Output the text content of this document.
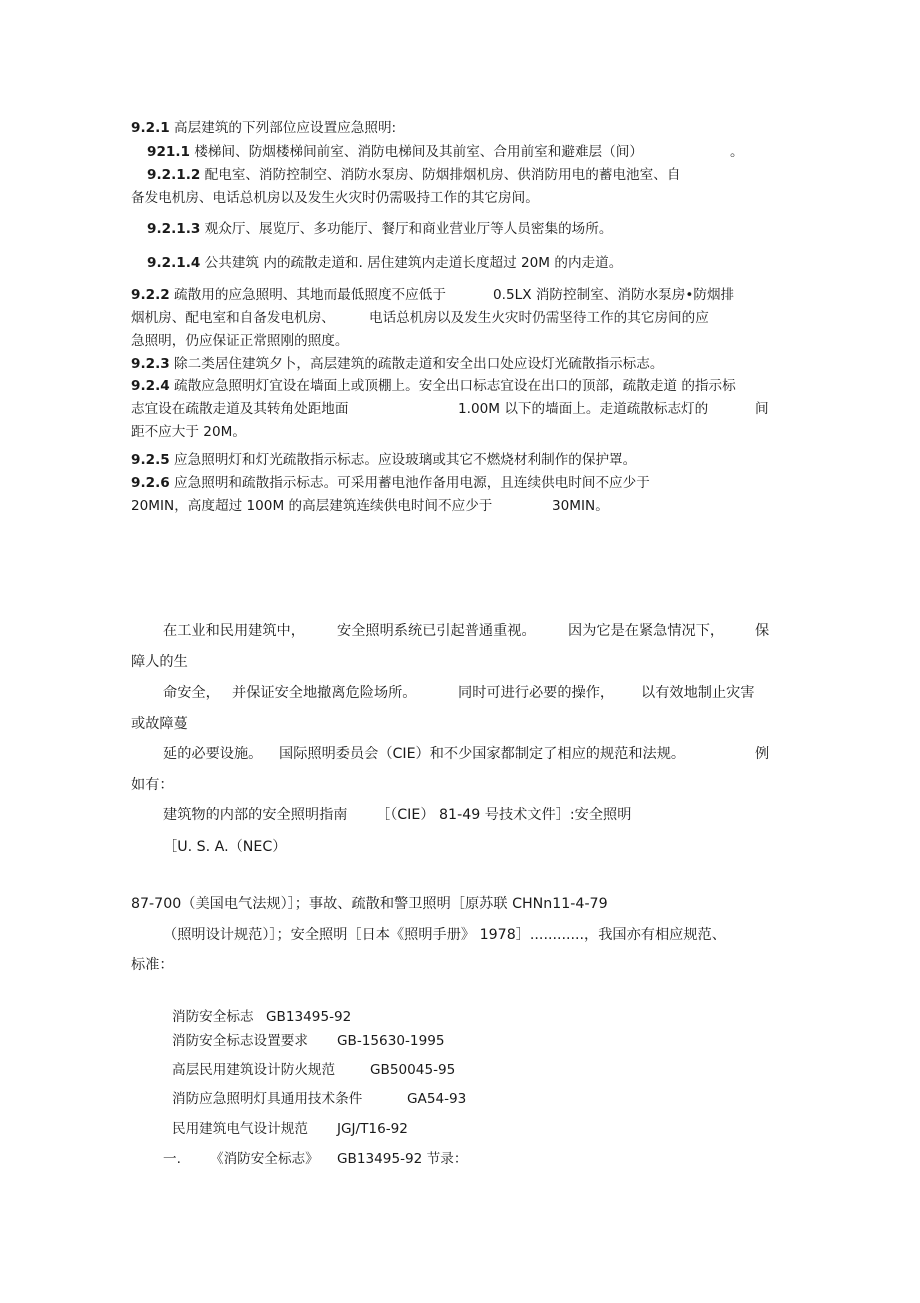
9.2.1 高层建筑的下列部位应设置应急照明:
921.1 楼梯间、防烟楼梯间前室、消防电梯间及其前室、合用前室和避难层（间）	。
9.2.1.2 配电室、消防控制空、消防水泵房、防烟排烟机房、供消防用电的蓄电池室、自
备发电机房、电话总机房以及发生火灾时仍需吸持工作的其它房间。
9.2.1.3 观众厅、展览厅、多功能厅、餐厅和商业营业厅等人员密集的场所。
9.2.1.4 公共建筑 内的疏散走道和. 居住建筑内走道长度超过 20M 的内走道。
9.2.2 疏散用的应急照明、其地而最低照度不应低于	0.5LX 消防控制室、消防水泵房•防烟排
烟机房、配电室和自备发电机房、	电话总机房以及发生火灾时仍需坚待工作的其它房间的应
急照明，仍应保证正常照刚的照度。
9.2.3 除二类居住建筑夕卜，高层建筑的疏散走道和安全出口处应设灯光硫散指示标志。
9.2.4 疏散应急照明灯宜设在墙面上或顶棚上。安全出口标志宜设在出口的顶部，疏散走道 的指示标
志宜设在疏散走道及其转角处距地面	1.00M 以下的墙面上。走道疏散标志灯的	间
距不应大于 20M。
9.2.5 应急照明灯和灯光疏散指示标志。应设玻璃或其它不燃烧材利制作的保护罩。
9.2.6 应急照明和疏散指示标志。可采用蓄电池作备用电源，且连续供电时间不应少于
20MIN，高度超过 100M 的高层建筑连续供电时间不应少于	30MIN。
在工业和民用建筑中， 安全照明系统已引起普通重视。 因为它是在紧急情况下， 保
障人的生
命安全， 并保证安全地撤离危险场所。	同时可进行必要的操作， 以有效地制止灾害
或故障蔓
延的必要设施。 国际照明委员会（CIE）和不少国家都制定了相应的规范和法规。	例
如有：
建筑物的内部的安全照明指南 ［（CIE） 81-49 号技术文件］:安全照明
［U. S. A.（NEC）
87-700（美国电气法规）］；事故、疏散和警卫照明［原苏联 CHNn11-4-79
（照明设计规范）］；安全照明［日本《照明手册》 1978］............，我国亦有相应规范、
标准：
消防安全标志 GB13495-92
消防安全标志设置要求 GB-15630-1995
高层民用建筑设计防火规范	GB50045-95
消防应急照明灯具通用技术条件	GA54-93
民用建筑电气设计规范 JGJ/T16-92
一. 《消防安全标志》 GB13495-92 节录：
